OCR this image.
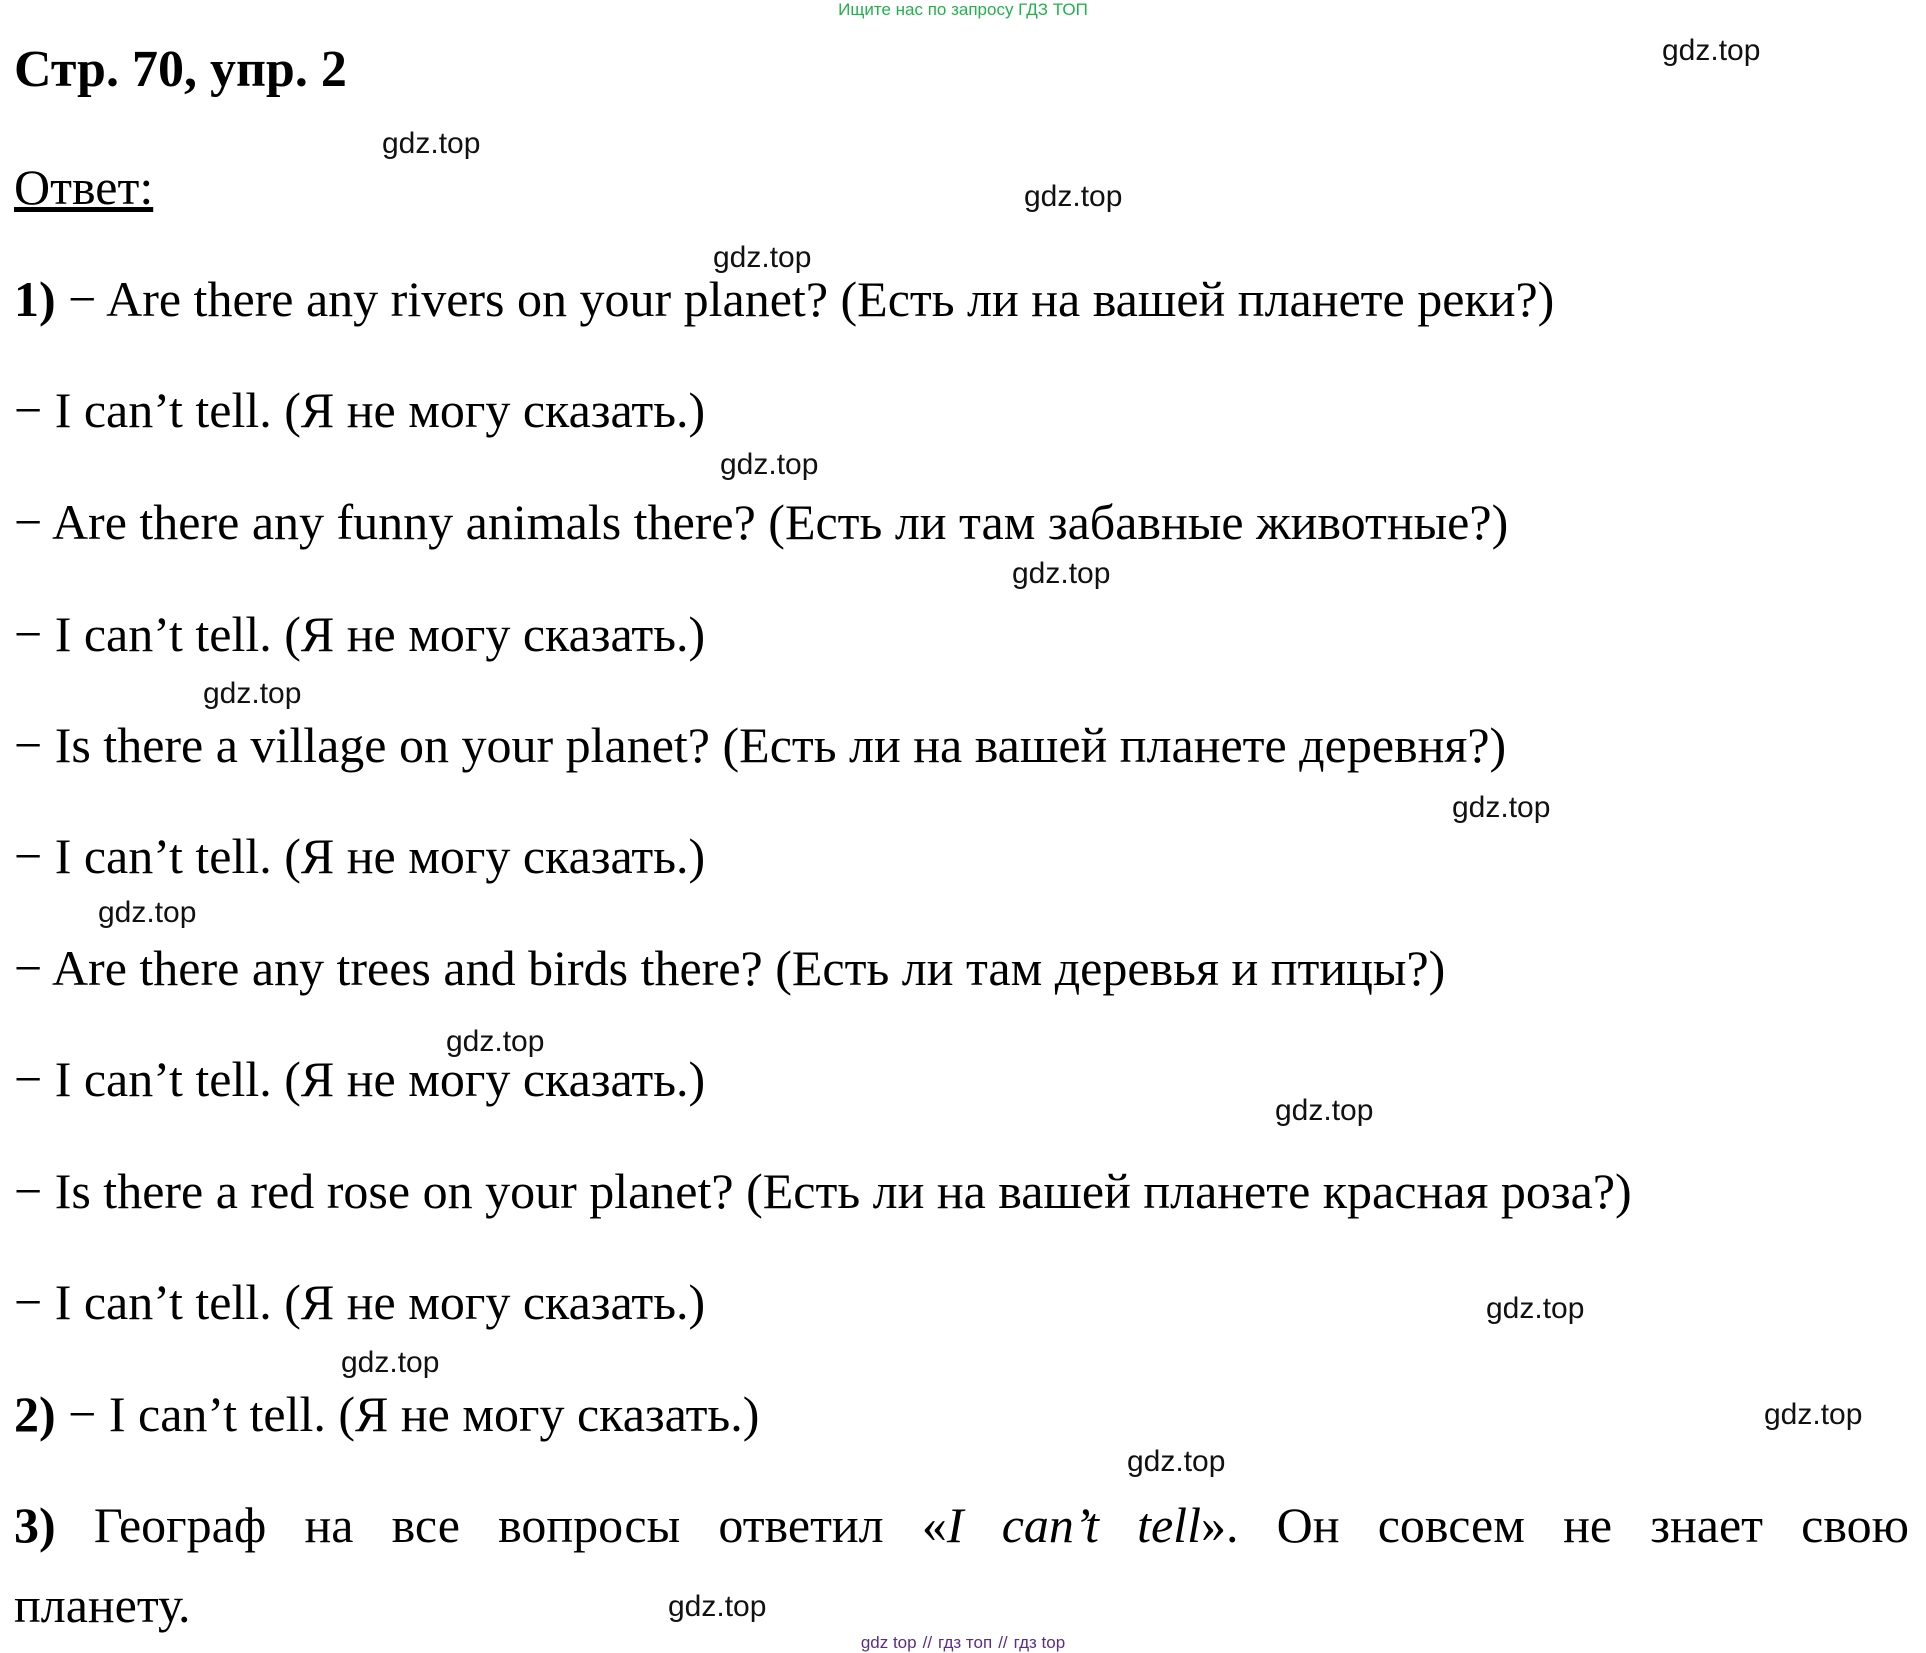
Ищите нас по запросу ГДЗ ТОП
Стр. 70, упр. 2
Ответ:
1) − Are there any rivers on your planet? (Есть ли на вашей планете реки?)
− I can’t tell. (Я не могу сказать.)
− Are there any funny animals there? (Есть ли там забавные животные?)
− I can’t tell. (Я не могу сказать.)
− Is there a village on your planet? (Есть ли на вашей планете деревня?)
− I can’t tell. (Я не могу сказать.)
− Are there any trees and birds there? (Есть ли там деревья и птицы?)
− I can’t tell. (Я не могу сказать.)
− Is there a red rose on your planet? (Есть ли на вашей планете красная роза?)
− I can’t tell. (Я не могу сказать.)
2) − I can’t tell. (Я не могу сказать.)
3) Географ на все вопросы ответил «I can’t tell». Он совсем не знает свою
планету.
gdz.top
gdz.top
gdz.top
gdz.top
gdz.top
gdz.top
gdz.top
gdz.top
gdz.top
gdz.top
gdz.top
gdz.top
gdz.top
gdz.top
gdz.top
gdz.top
gdz top // гдз топ // гдз top
